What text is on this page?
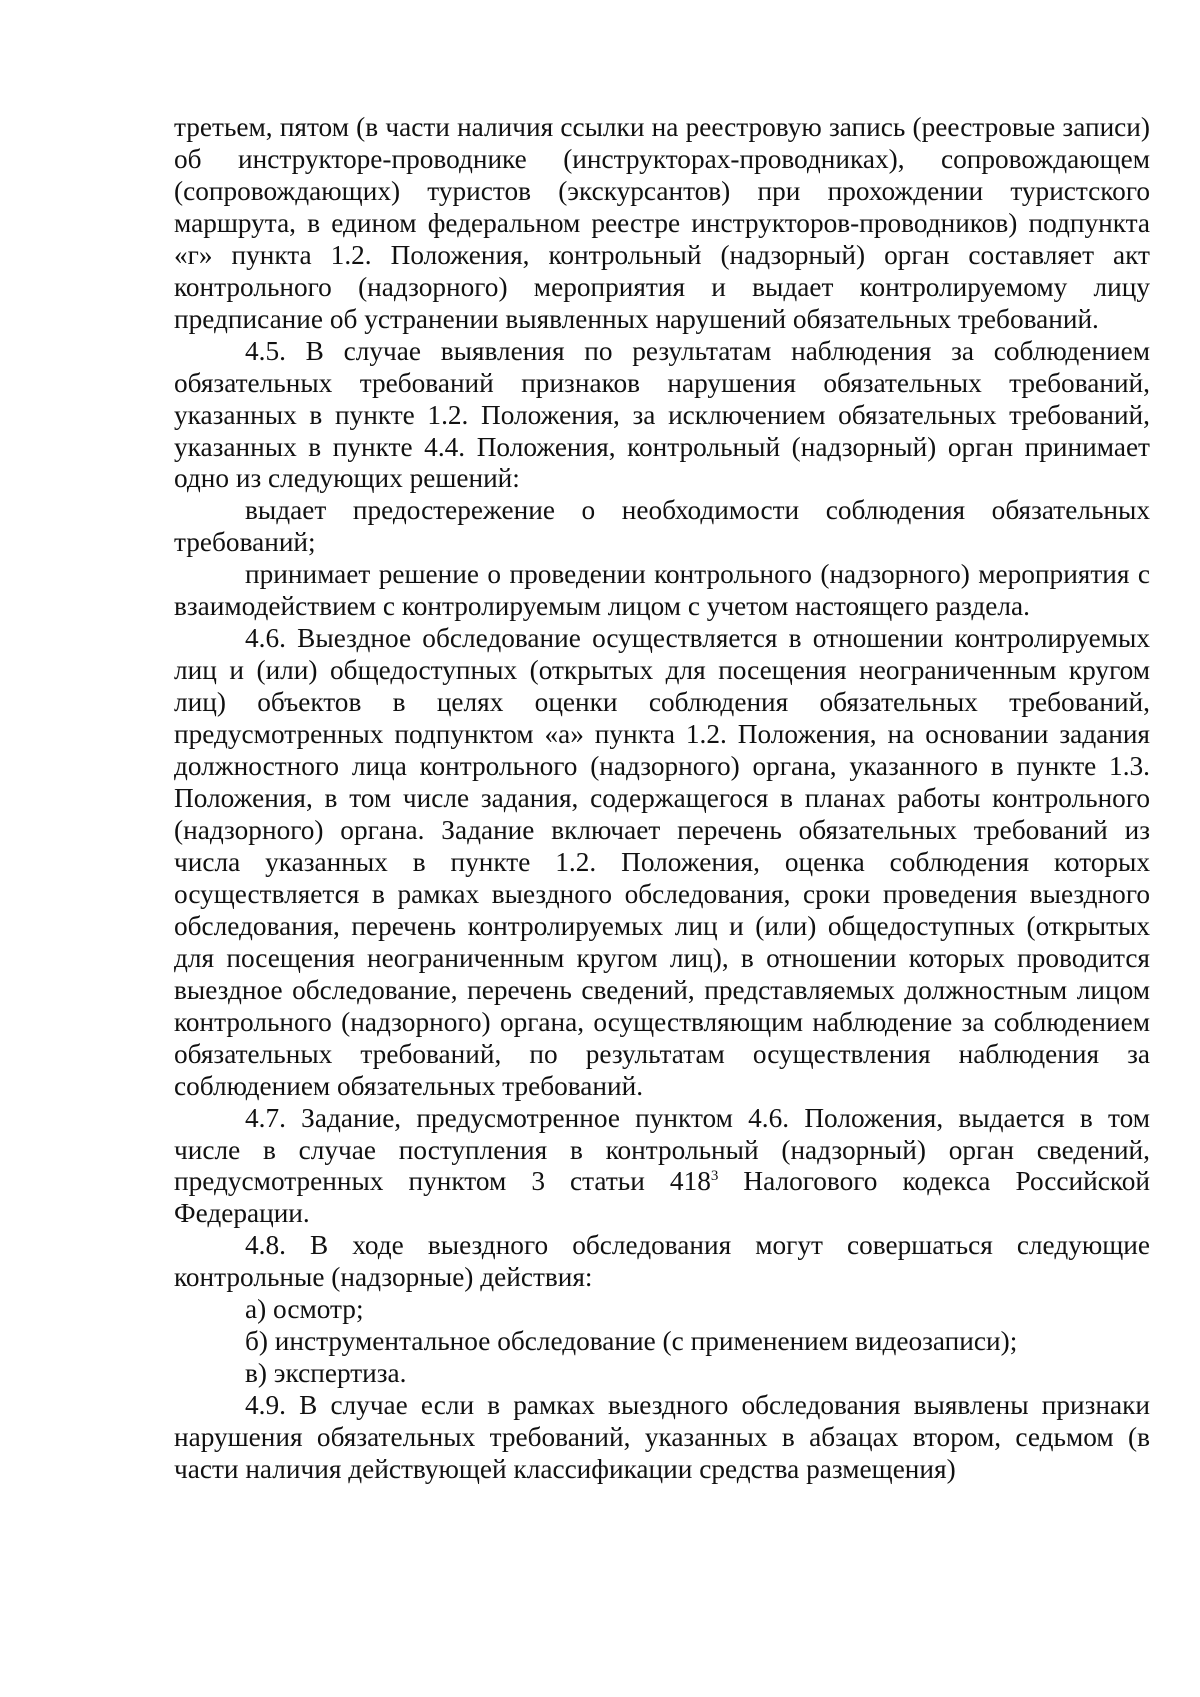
третьем, пятом (в части наличия ссылки на реестровую запись (реестровые записи) об инструкторе-проводнике (инструкторах-проводниках), сопровождающем (сопровождающих) туристов (экскурсантов) при прохождении туристского маршрута, в едином федеральном реестре инструкторов-проводников) подпункта «г» пункта 1.2. Положения, контрольный (надзорный) орган составляет акт контрольного (надзорного) мероприятия и выдает контролируемому лицу предписание об устранении выявленных нарушений обязательных требований.

4.5. В случае выявления по результатам наблюдения за соблюдением обязательных требований признаков нарушения обязательных требований, указанных в пункте 1.2. Положения, за исключением обязательных требований, указанных в пункте 4.4. Положения, контрольный (надзорный) орган принимает одно из следующих решений:

выдает предостережение о необходимости соблюдения обязательных требований;

принимает решение о проведении контрольного (надзорного) мероприятия с взаимодействием с контролируемым лицом с учетом настоящего раздела.

4.6. Выездное обследование осуществляется в отношении контролируемых лиц и (или) общедоступных (открытых для посещения неограниченным кругом лиц) объектов в целях оценки соблюдения обязательных требований, предусмотренных подпунктом «а» пункта 1.2. Положения, на основании задания должностного лица контрольного (надзорного) органа, указанного в пункте 1.3. Положения, в том числе задания, содержащегося в планах работы контрольного (надзорного) органа. Задание включает перечень обязательных требований из числа указанных в пункте 1.2. Положения, оценка соблюдения которых осуществляется в рамках выездного обследования, сроки проведения выездного обследования, перечень контролируемых лиц и (или) общедоступных (открытых для посещения неограниченным кругом лиц), в отношении которых проводится выездное обследование, перечень сведений, представляемых должностным лицом контрольного (надзорного) органа, осуществляющим наблюдение за соблюдением обязательных требований, по результатам осуществления наблюдения за соблюдением обязательных требований.

4.7. Задание, предусмотренное пунктом 4.6. Положения, выдается в том числе в случае поступления в контрольный (надзорный) орган сведений, предусмотренных пунктом 3 статьи $418^3$ Налогового кодекса Российской Федерации.

4.8. В ходе выездного обследования могут совершаться следующие контрольные (надзорные) действия:

а) осмотр;

б) инструментальное обследование (с применением видеозаписи);

в) экспертиза.

4.9. В случае если в рамках выездного обследования выявлены признаки нарушения обязательных требований, указанных в абзацах втором, седьмом (в части наличия действующей классификации средства размещения)
